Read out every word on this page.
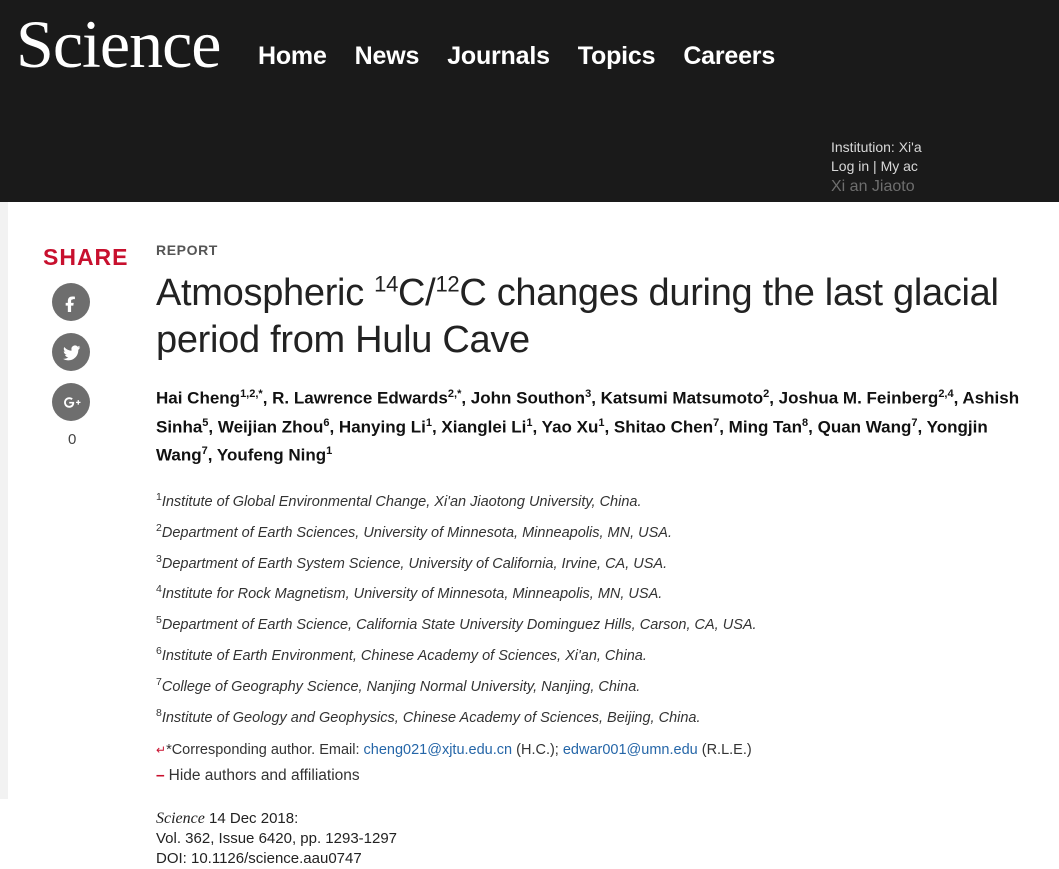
Science Home News Journals Topics Careers
Institution: Xi'a
Log in | My ac
Xi an Jiaoto
SHARE
0
REPORT
Atmospheric $^{14}$C/$^{12}$C changes during the last glacial period from Hulu Cave
Hai Cheng$^{1,2,*}$, R. Lawrence Edwards$^{2,*}$, John Southon$^3$, Katsumi Matsumoto$^2$, Joshua M. Feinberg$^{2,4}$, Ashish Sinha$^5$, Weijian Zhou$^6$, Hanying Li$^1$, Xianglei Li$^1$, Yao Xu$^1$, Shitao Chen$^7$, Ming Tan$^8$, Quan Wang$^7$, Yongjin Wang$^7$, Youfeng Ning$^1$
$^1$Institute of Global Environmental Change, Xi'an Jiaotong University, China.
$^2$Department of Earth Sciences, University of Minnesota, Minneapolis, MN, USA.
$^3$Department of Earth System Science, University of California, Irvine, CA, USA.
$^4$Institute for Rock Magnetism, University of Minnesota, Minneapolis, MN, USA.
$^5$Department of Earth Science, California State University Dominguez Hills, Carson, CA, USA.
$^6$Institute of Earth Environment, Chinese Academy of Sciences, Xi'an, China.
$^7$College of Geography Science, Nanjing Normal University, Nanjing, China.
$^8$Institute of Geology and Geophysics, Chinese Academy of Sciences, Beijing, China.
↵*Corresponding author. Email: cheng021@xjtu.edu.cn (H.C.); edwar001@umn.edu (R.L.E.)
– Hide authors and affiliations
Science 14 Dec 2018:
Vol. 362, Issue 6420, pp. 1293-1297
DOI: 10.1126/science.aau0747
